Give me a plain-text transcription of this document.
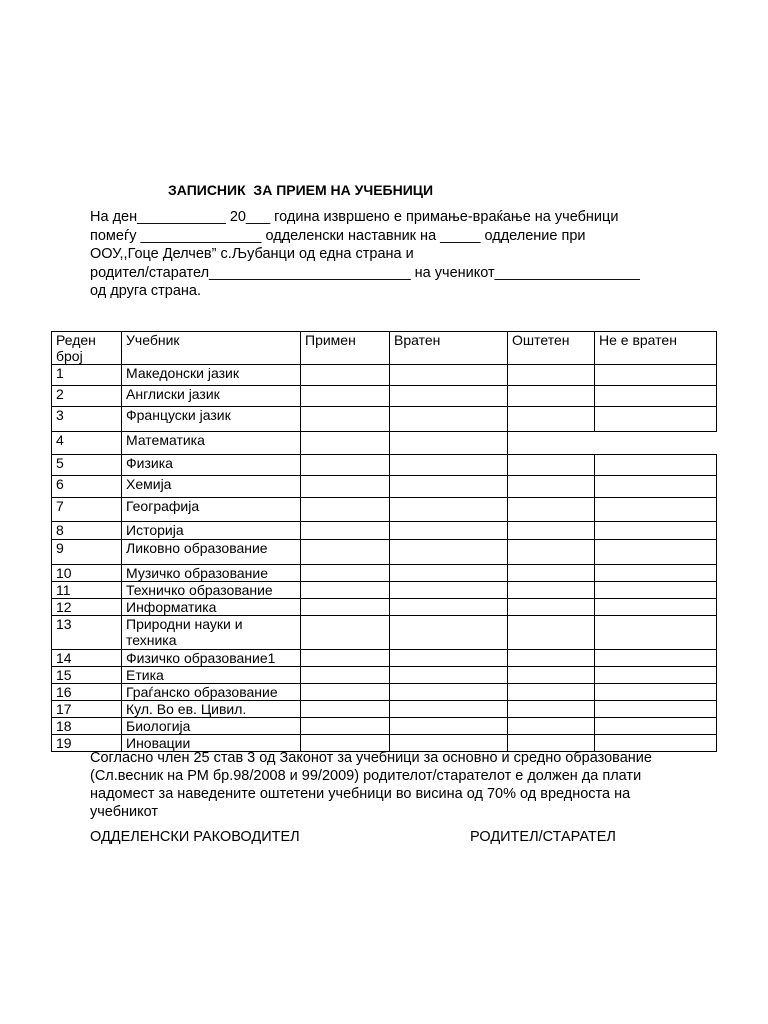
ЗАПИСНИК  ЗА ПРИЕМ НА УЧЕБНИЦИ
На ден___________ 20___ година извршено е примање-враќање на учебници
помеѓу _______________ одделенски наставник на _____ одделение при
ООУ,,Гоце Делчев” с.Љубанци од една страна и
родител/старател_________________________ на ученикот__________________
од друга страна.
Реден
број	Учебник	Примен	Вратен	Оштетен	Не е вратен
1	Македонски јазик				
2	Англиски јазик				
3	Француски јазик				
4	Математика				
5	Физика				
6	Хемија				
7	Географија				
8	Историја				
9	Ликовно образование				
10	Музичко образование				
11	Техничко образование				
12	Информатика				
13	Природни науки и
техника				
14	Физичко образование1				
15	Етика				
16	Граѓанско образование				
17	Кул. Во ев. Цивил.				
18	Биологија				
19	Иновации				
Согласно член 25 став 3 од Законот за учебници за основно и средно образование
(Сл.весник на РМ бр.98/2008 и 99/2009) родителот/старателот е должен да плати
надомест за наведените оштетени учебници во висина од 70% од вредноста на
учебникот
ОДДЕЛЕНСКИ РАКОВОДИТЕЛ	РОДИТЕЛ/СТАРАТЕЛ
